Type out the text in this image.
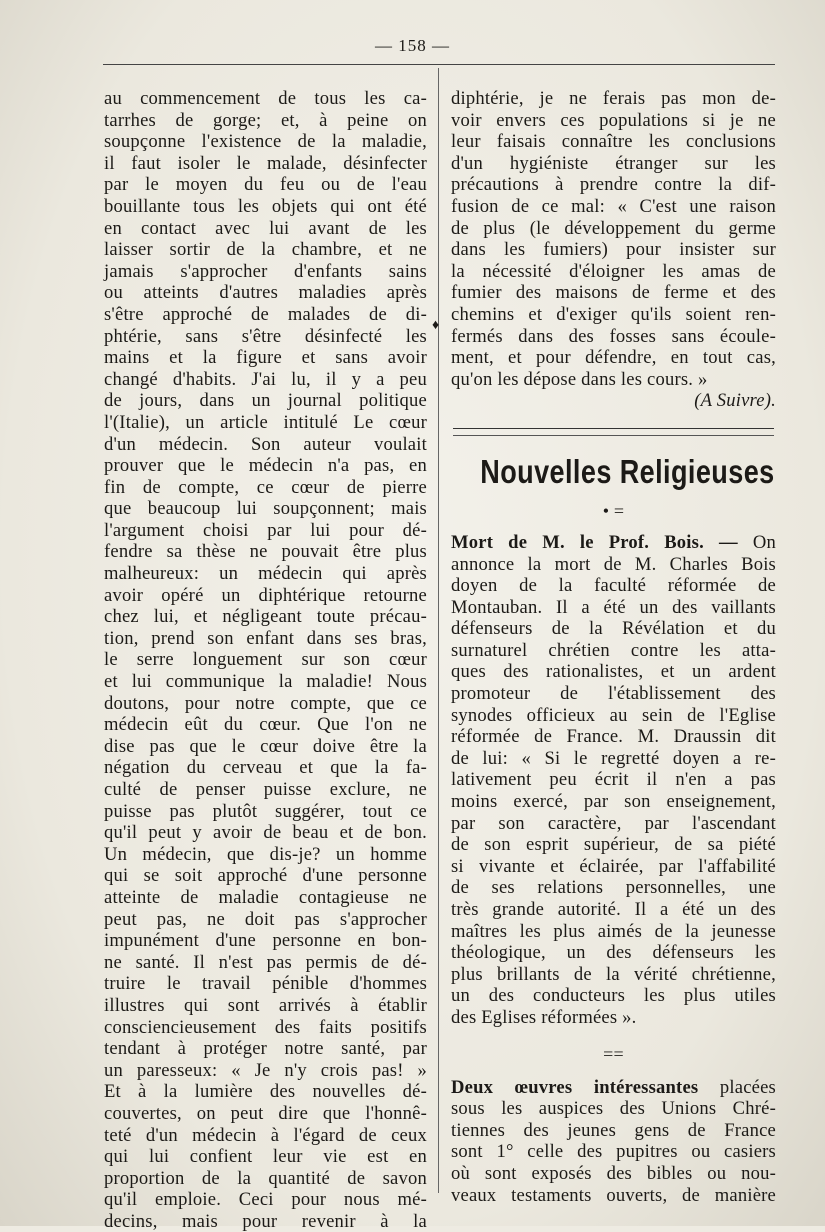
— 158 —
♦
au commencement de tous les ca-
tarrhes de gorge; et, à peine on
soupçonne l'existence de la maladie,
il faut isoler le malade, désinfecter
par le moyen du feu ou de l'eau
bouillante tous les objets qui ont été
en contact avec lui avant de les
laisser sortir de la chambre, et ne
jamais s'approcher d'enfants sains
ou atteints d'autres maladies après
s'être approché de malades de di-
phtérie, sans s'être désinfecté les
mains et la figure et sans avoir
changé d'habits. J'ai lu, il y a peu
de jours, dans un journal politique
l'(Italie), un article intitulé Le cœur
d'un médecin. Son auteur voulait
prouver que le médecin n'a pas, en
fin de compte, ce cœur de pierre
que beaucoup lui soupçonnent; mais
l'argument choisi par lui pour dé-
fendre sa thèse ne pouvait être plus
malheureux: un médecin qui après
avoir opéré un diphtérique retourne
chez lui, et négligeant toute précau-
tion, prend son enfant dans ses bras,
le serre longuement sur son cœur
et lui communique la maladie! Nous
doutons, pour notre compte, que ce
médecin eût du cœur. Que l'on ne
dise pas que le cœur doive être la
négation du cerveau et que la fa-
culté de penser puisse exclure, ne
puisse pas plutôt suggérer, tout ce
qu'il peut y avoir de beau et de bon.
Un médecin, que dis-je? un homme
qui se soit approché d'une personne
atteinte de maladie contagieuse ne
peut pas, ne doit pas s'approcher
impunément d'une personne en bon-
ne santé. Il n'est pas permis de dé-
truire le travail pénible d'hommes
illustres qui sont arrivés à établir
consciencieusement des faits positifs
tendant à protéger notre santé, par
un paresseux: « Je n'y crois pas! »
Et à la lumière des nouvelles dé-
couvertes, on peut dire que l'honnê-
teté d'un médecin à l'égard de ceux
qui lui confient leur vie est en
proportion de la quantité de savon
qu'il emploie. Ceci pour nous mé-
decins, mais pour revenir à la
diphtérie, je ne ferais pas mon de-
voir envers ces populations si je ne
leur faisais connaître les conclusions
d'un hygiéniste étranger sur les
précautions à prendre contre la dif-
fusion de ce mal: « C'est une raison
de plus (le développement du germe
dans les fumiers) pour insister sur
la nécessité d'éloigner les amas de
fumier des maisons de ferme et des
chemins et d'exiger qu'ils soient ren-
fermés dans des fosses sans écoule-
ment, et pour défendre, en tout cas,
qu'on les dépose dans les cours. »
(A Suivre).
Nouvelles Religieuses
• =
Mort de M. le Prof. Bois. — On
annonce la mort de M. Charles Bois
doyen de la faculté réformée de
Montauban. Il a été un des vaillants
défenseurs de la Révélation et du
surnaturel chrétien contre les atta-
ques des rationalistes, et un ardent
promoteur de l'établissement des
synodes officieux au sein de l'Eglise
réformée de France. M. Draussin dit
de lui: « Si le regretté doyen a re-
lativement peu écrit il n'en a pas
moins exercé, par son enseignement,
par son caractère, par l'ascendant
de son esprit supérieur, de sa piété
si vivante et éclairée, par l'affabilité
de ses relations personnelles, une
très grande autorité. Il a été un des
maîtres les plus aimés de la jeunesse
théologique, un des défenseurs les
plus brillants de la vérité chrétienne,
un des conducteurs les plus utiles
des Eglises réformées ».
==
Deux œuvres intéressantes placées
sous les auspices des Unions Chré-
tiennes des jeunes gens de France
sont 1° celle des pupitres ou casiers
où sont exposés des bibles ou nou-
veaux testaments ouverts, de manière
